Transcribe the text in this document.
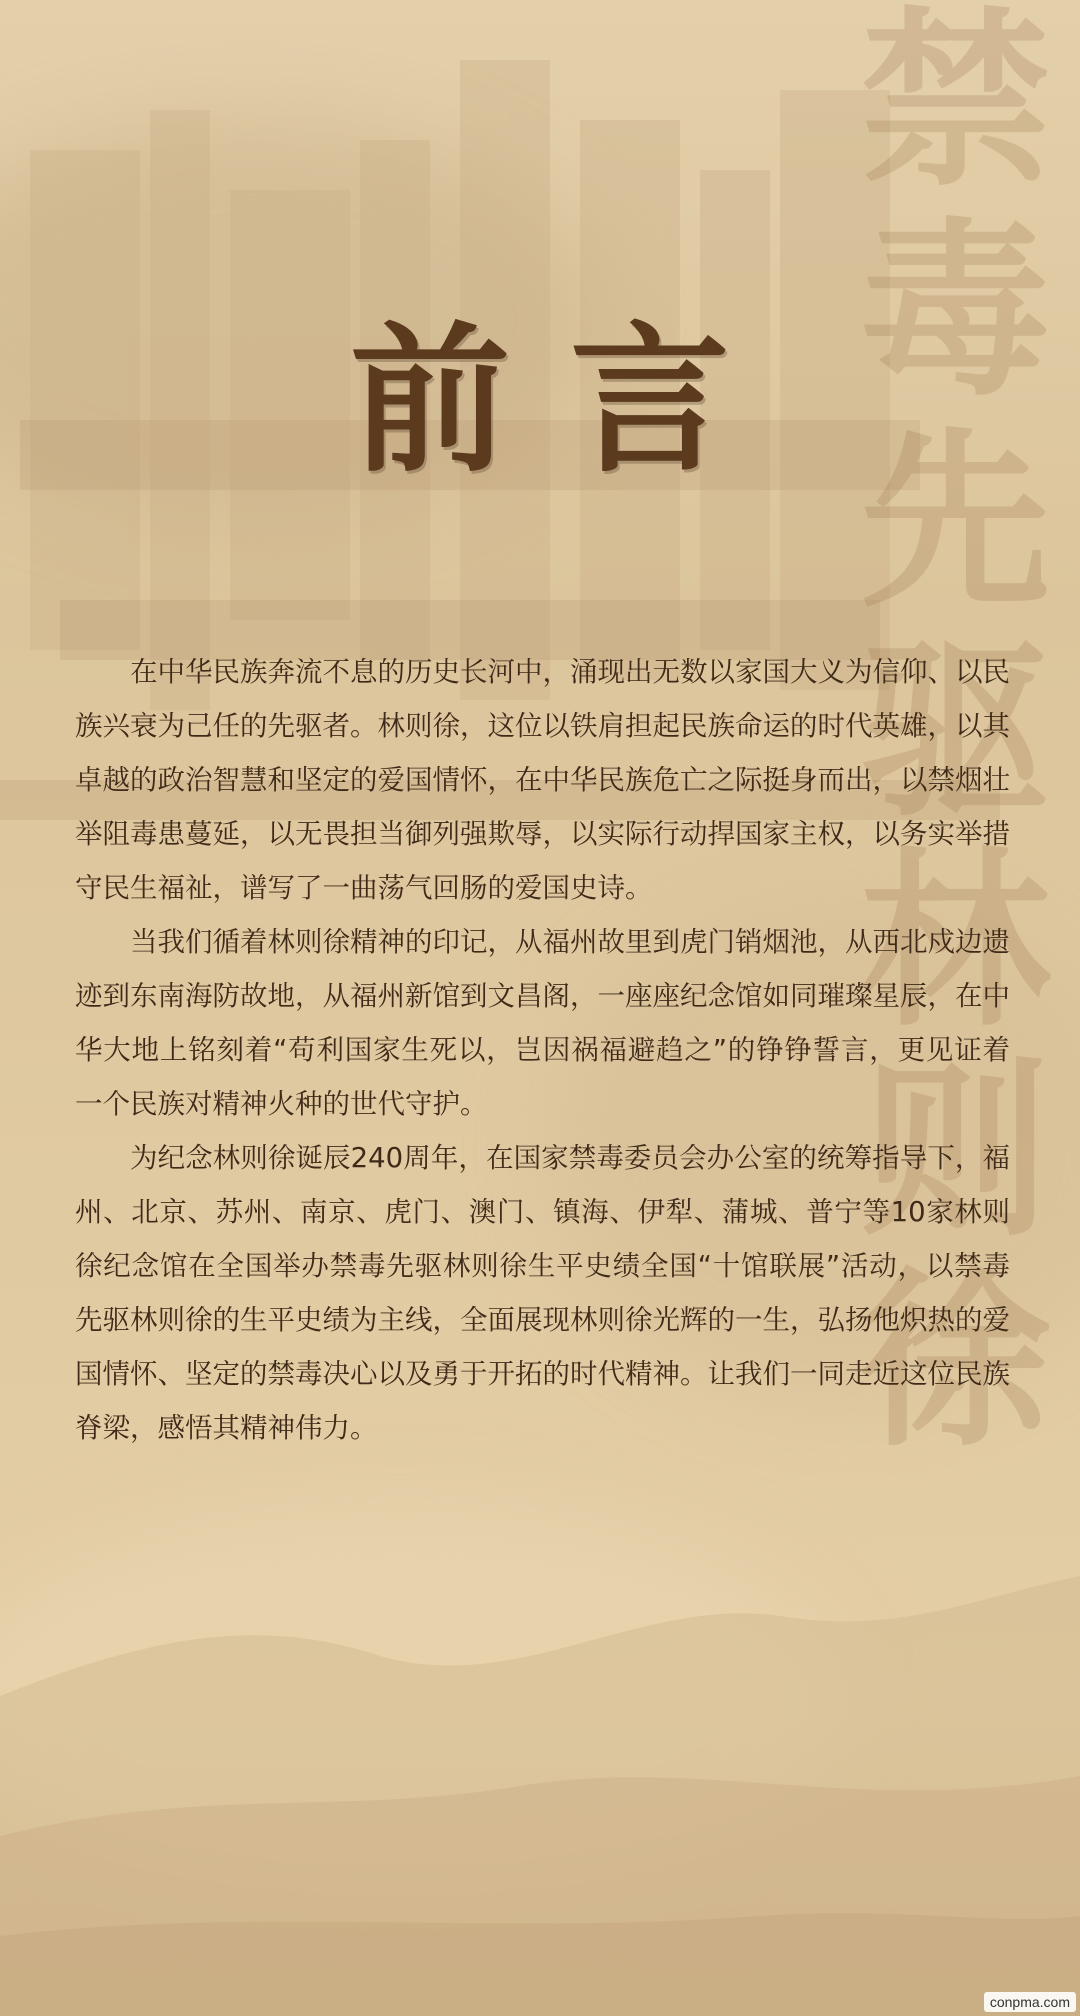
禁毒先驱林则徐
前言

在中华民族奔流不息的历史长河中，涌现出无数以家国大义为信仰、以民族兴衰为己任的先驱者。林则徐，这位以铁肩担起民族命运的时代英雄，以其卓越的政治智慧和坚定的爱国情怀，在中华民族危亡之际挺身而出，以禁烟壮举阻毒患蔓延，以无畏担当御列强欺辱，以实际行动捍国家主权，以务实举措守民生福祉，谱写了一曲荡气回肠的爱国史诗。

当我们循着林则徐精神的印记，从福州故里到虎门销烟池，从西北戍边遗迹到东南海防故地，从福州新馆到文昌阁，一座座纪念馆如同璀璨星辰，在中华大地上铭刻着“苟利国家生死以，岂因祸福避趋之”的铮铮誓言，更见证着一个民族对精神火种的世代守护。

为纪念林则徐诞辰240周年，在国家禁毒委员会办公室的统筹指导下，福州、北京、苏州、南京、虎门、澳门、镇海、伊犁、蒲城、普宁等10家林则徐纪念馆在全国举办禁毒先驱林则徐生平史绩全国“十馆联展”活动，以禁毒先驱林则徐的生平史绩为主线，全面展现林则徐光辉的一生，弘扬他炽热的爱国情怀、坚定的禁毒决心以及勇于开拓的时代精神。让我们一同走近这位民族脊梁，感悟其精神伟力。

conpma.com
